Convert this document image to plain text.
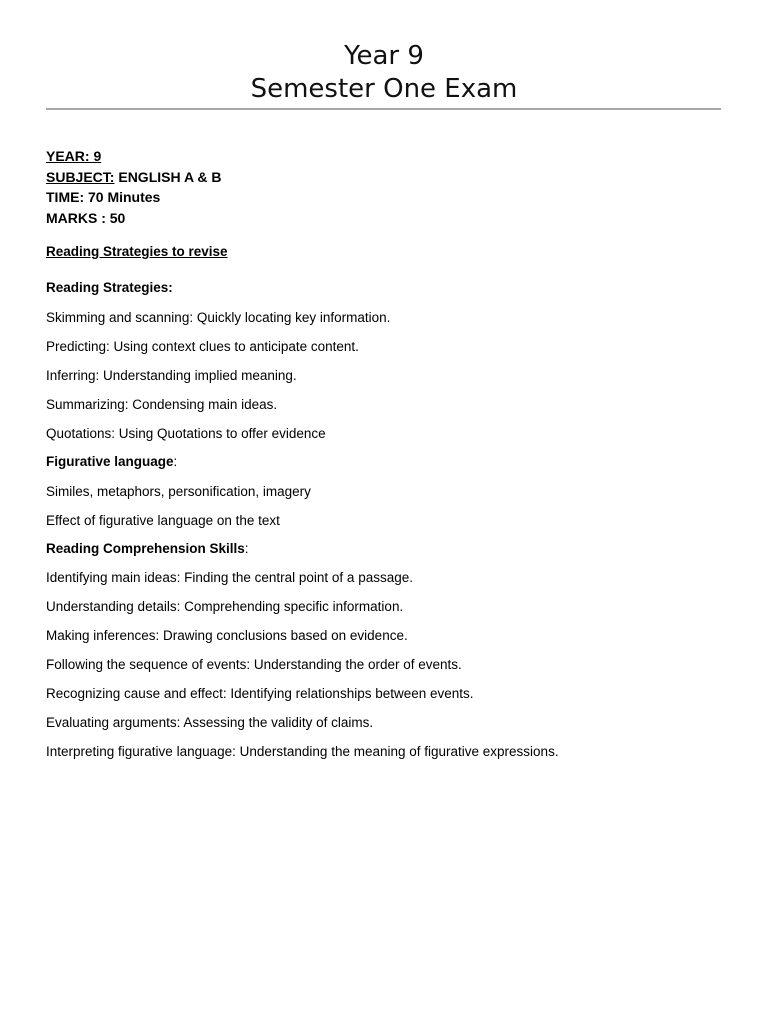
Year 9
Semester One Exam
YEAR: 9
SUBJECT: ENGLISH A & B
TIME: 70 Minutes
MARKS : 50
Reading Strategies to revise
Reading Strategies:
Skimming and scanning: Quickly locating key information.
Predicting: Using context clues to anticipate content.
Inferring: Understanding implied meaning.
Summarizing: Condensing main ideas.
Quotations: Using Quotations to offer evidence
Figurative language:
Similes, metaphors, personification, imagery
Effect of figurative language on the text
Reading Comprehension Skills:
Identifying main ideas: Finding the central point of a passage.
Understanding details: Comprehending specific information.
Making inferences: Drawing conclusions based on evidence.
Following the sequence of events: Understanding the order of events.
Recognizing cause and effect: Identifying relationships between events.
Evaluating arguments: Assessing the validity of claims.
Interpreting figurative language: Understanding the meaning of figurative expressions.
